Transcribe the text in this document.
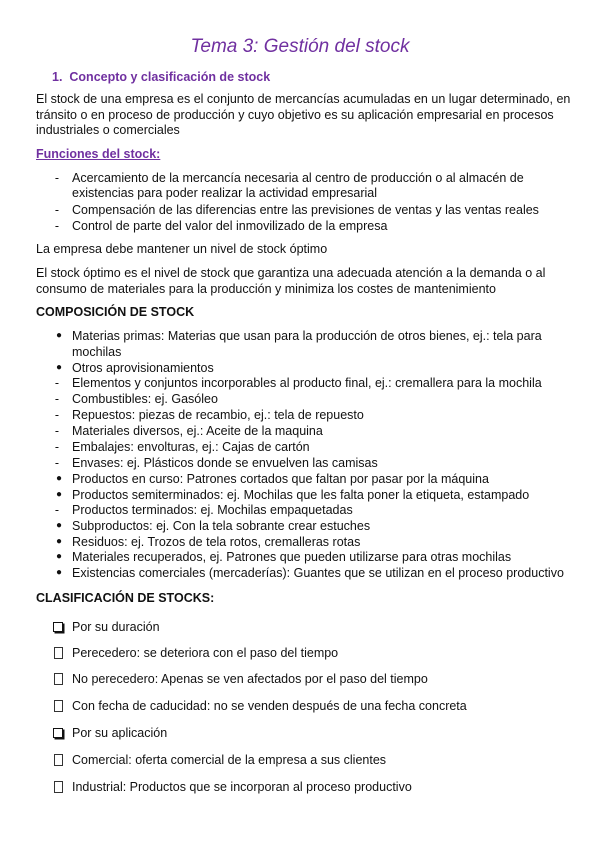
Tema 3: Gestión del stock
1. Concepto y clasificación de stock
El stock de una empresa es el conjunto de mercancías acumuladas en un lugar determinado, en
tránsito o en proceso de producción y cuyo objetivo es su aplicación empresarial en procesos
industriales o comerciales
Funciones del stock:
-	Acercamiento de la mercancía necesaria al centro de producción o al almacén de
existencias para poder realizar la actividad empresarial
-	Compensación de las diferencias entre las previsiones de ventas y las ventas reales
-	Control de parte del valor del inmovilizado de la empresa
La empresa debe mantener un nivel de stock óptimo
El stock óptimo es el nivel de stock que garantiza una adecuada atención a la demanda o al
consumo de materiales para la producción y minimiza los costes de mantenimiento
COMPOSICIÓN DE STOCK
● Materias primas: Materias que usan para la producción de otros bienes, ej.: tela para
mochilas
● Otros aprovisionamientos
-	Elementos y conjuntos incorporables al producto final, ej.: cremallera para la mochila
-	Combustibles: ej. Gasóleo
-	Repuestos: piezas de recambio, ej.: tela de repuesto
-	Materiales diversos, ej.: Aceite de la maquina
-	Embalajes: envolturas, ej.: Cajas de cartón
-	Envases: ej. Plásticos donde se envuelven las camisas
● Productos en curso: Patrones cortados que faltan por pasar por la máquina
● Productos semiterminados: ej. Mochilas que les falta poner la etiqueta, estampado
-	Productos terminados: ej. Mochilas empaquetadas
● Subproductos: ej. Con la tela sobrante crear estuches
● Residuos: ej. Trozos de tela rotos, cremalleras rotas
● Materiales recuperados, ej. Patrones que pueden utilizarse para otras mochilas
● Existencias comerciales (mercaderías): Guantes que se utilizan en el proceso productivo
CLASIFICACIÓN DE STOCKS:
Por su duración
Perecedero: se deteriora con el paso del tiempo
No perecedero: Apenas se ven afectados por el paso del tiempo
Con fecha de caducidad: no se venden después de una fecha concreta
Por su aplicación
Comercial: oferta comercial de la empresa a sus clientes
Industrial: Productos que se incorporan al proceso productivo
